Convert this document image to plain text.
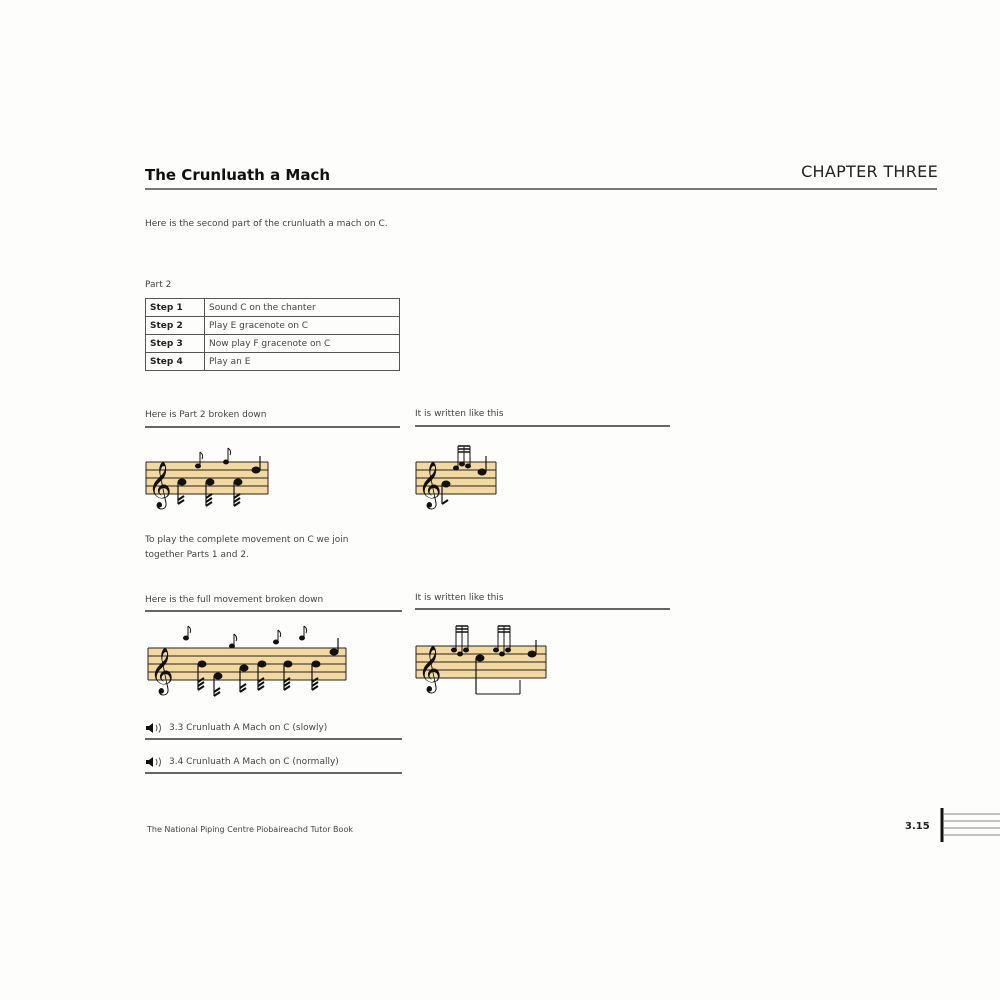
The Crunluath a Mach	CHAPTER THREE
Here is the second part of the crunluath a mach on C.
Part 2
Step 1	Sound C on the chanter
Step 2	Play E gracenote on C
Step 3	Now play F gracenote on C
Step 4	Play an E
Here is Part 2 broken down	It is written like this
𝄞	𝄞
To play the complete movement on C we join together Parts 1 and 2.
Here is the full movement broken down	It is written like this
𝄞	𝄞
3.3 Crunluath A Mach on C (slowly)
3.4 Crunluath A Mach on C (normally)
The National Piping Centre Piobaireachd Tutor Book	3.15
